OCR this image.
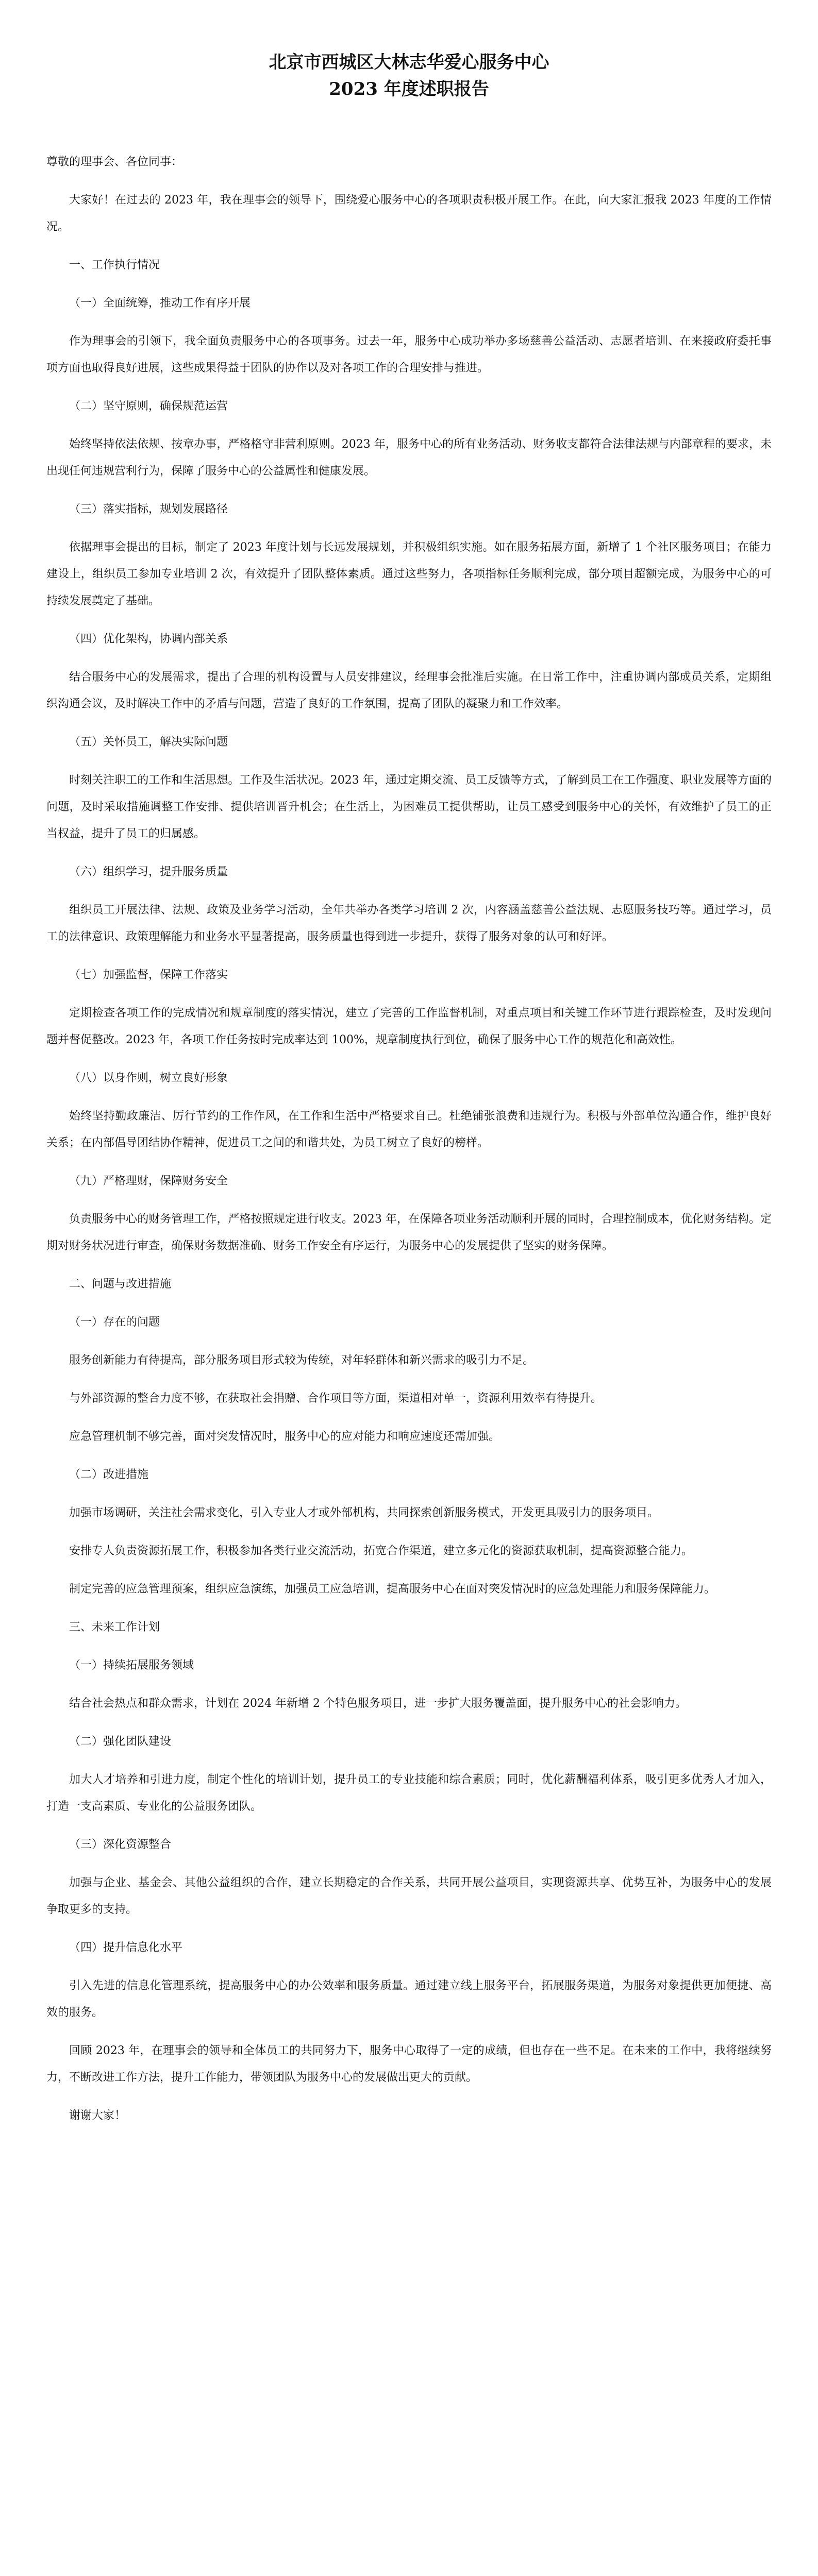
北京市西城区大林志华爱心服务中心
2023 年度述职报告
尊敬的理事会、各位同事：
大家好！在过去的 2023 年，我在理事会的领导下，围绕爱心服务中心的各项职责积极开展工作。在此，向大家汇报我 2023 年度的工作情况。
一、工作执行情况
（一）全面统筹，推动工作有序开展
作为理事会的引领下，我全面负责服务中心的各项事务。过去一年，服务中心成功举办多场慈善公益活动、志愿者培训、在来接政府委托事项方面也取得良好进展，这些成果得益于团队的协作以及对各项工作的合理安排与推进。
（二）坚守原则，确保规范运营
始终坚持依法依规、按章办事，严格格守非营利原则。2023 年，服务中心的所有业务活动、财务收支都符合法律法规与内部章程的要求，未出现任何违规营利行为，保障了服务中心的公益属性和健康发展。
（三）落实指标，规划发展路径
依据理事会提出的目标，制定了 2023 年度计划与长远发展规划，并积极组织实施。如在服务拓展方面，新增了 1 个社区服务项目；在能力建设上，组织员工参加专业培训 2 次，有效提升了团队整体素质。通过这些努力，各项指标任务顺利完成，部分项目超额完成，为服务中心的可持续发展奠定了基础。
（四）优化架构，协调内部关系
结合服务中心的发展需求，提出了合理的机构设置与人员安排建议，经理事会批准后实施。在日常工作中，注重协调内部成员关系，定期组织沟通会议，及时解决工作中的矛盾与问题，营造了良好的工作氛围，提高了团队的凝聚力和工作效率。
（五）关怀员工，解决实际问题
时刻关注职工的工作和生活思想。工作及生活状况。2023 年，通过定期交流、员工反馈等方式，了解到员工在工作强度、职业发展等方面的问题，及时采取措施调整工作安排、提供培训晋升机会；在生活上，为困难员工提供帮助，让员工感受到服务中心的关怀，有效维护了员工的正当权益，提升了员工的归属感。
（六）组织学习，提升服务质量
组织员工开展法律、法规、政策及业务学习活动，全年共举办各类学习培训 2 次，内容涵盖慈善公益法规、志愿服务技巧等。通过学习，员工的法律意识、政策理解能力和业务水平显著提高，服务质量也得到进一步提升，获得了服务对象的认可和好评。
（七）加强监督，保障工作落实
定期检查各项工作的完成情况和规章制度的落实情况，建立了完善的工作监督机制，对重点项目和关键工作环节进行跟踪检查，及时发现问题并督促整改。2023 年，各项工作任务按时完成率达到 100%，规章制度执行到位，确保了服务中心工作的规范化和高效性。
（八）以身作则，树立良好形象
始终坚持勤政廉洁、厉行节约的工作作风，在工作和生活中严格要求自己。杜绝铺张浪费和违规行为。积极与外部单位沟通合作，维护良好关系；在内部倡导团结协作精神，促进员工之间的和谐共处，为员工树立了良好的榜样。
（九）严格理财，保障财务安全
负责服务中心的财务管理工作，严格按照规定进行收支。2023 年，在保障各项业务活动顺利开展的同时，合理控制成本，优化财务结构。定期对财务状况进行审查，确保财务数据准确、财务工作安全有序运行，为服务中心的发展提供了坚实的财务保障。
二、问题与改进措施
（一）存在的问题
服务创新能力有待提高，部分服务项目形式较为传统，对年轻群体和新兴需求的吸引力不足。
与外部资源的整合力度不够，在获取社会捐赠、合作项目等方面，渠道相对单一，资源利用效率有待提升。
应急管理机制不够完善，面对突发情况时，服务中心的应对能力和响应速度还需加强。
（二）改进措施
加强市场调研，关注社会需求变化，引入专业人才或外部机构，共同探索创新服务模式，开发更具吸引力的服务项目。
安排专人负责资源拓展工作，积极参加各类行业交流活动，拓宽合作渠道，建立多元化的资源获取机制，提高资源整合能力。
制定完善的应急管理预案，组织应急演练，加强员工应急培训，提高服务中心在面对突发情况时的应急处理能力和服务保障能力。
三、未来工作计划
（一）持续拓展服务领域
结合社会热点和群众需求，计划在 2024 年新增 2 个特色服务项目，进一步扩大服务覆盖面，提升服务中心的社会影响力。
（二）强化团队建设
加大人才培养和引进力度，制定个性化的培训计划，提升员工的专业技能和综合素质；同时，优化薪酬福利体系，吸引更多优秀人才加入，打造一支高素质、专业化的公益服务团队。
（三）深化资源整合
加强与企业、基金会、其他公益组织的合作，建立长期稳定的合作关系，共同开展公益项目，实现资源共享、优势互补，为服务中心的发展争取更多的支持。
（四）提升信息化水平
引入先进的信息化管理系统，提高服务中心的办公效率和服务质量。通过建立线上服务平台，拓展服务渠道，为服务对象提供更加便捷、高效的服务。
回顾 2023 年，在理事会的领导和全体员工的共同努力下，服务中心取得了一定的成绩，但也存在一些不足。在未来的工作中，我将继续努力，不断改进工作方法，提升工作能力，带领团队为服务中心的发展做出更大的贡献。
谢谢大家！
